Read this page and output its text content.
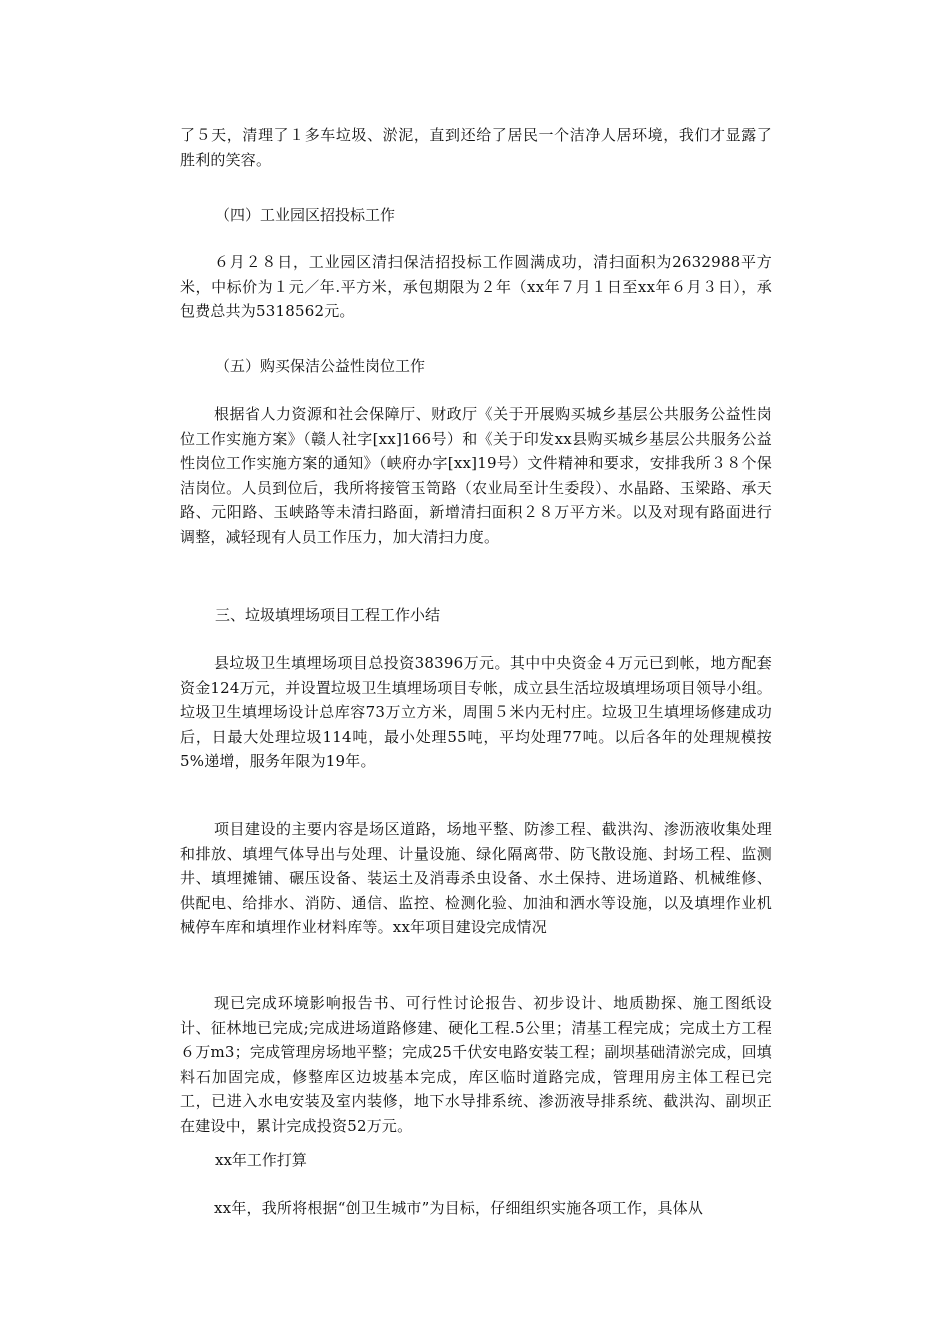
了５天，清理了１多车垃圾、淤泥，直到还给了居民一个洁净人居环境，我们才显露了胜利的笑容。

（四）工业园区招投标工作

６月２８日，工业园区清扫保洁招投标工作圆满成功，清扫面积为2632988平方米，中标价为１元／年.平方米，承包期限为２年（xx年７月１日至xx年６月３日），承包费总共为5318562元。

（五）购买保洁公益性岗位工作

根据省人力资源和社会保障厅、财政厅《关于开展购买城乡基层公共服务公益性岗位工作实施方案》（赣人社字[xx]166号）和《关于印发xx县购买城乡基层公共服务公益性岗位工作实施方案的通知》（峡府办字[xx]19号）文件精神和要求，安排我所３８个保洁岗位。人员到位后，我所将接管玉笥路（农业局至计生委段）、水晶路、玉梁路、承天路、元阳路、玉峡路等未清扫路面，新增清扫面积２８万平方米。以及对现有路面进行调整，减轻现有人员工作压力，加大清扫力度。

三、垃圾填埋场项目工程工作小结

县垃圾卫生填埋场项目总投资38396万元。其中中央资金４万元已到帐，地方配套资金124万元，并设置垃圾卫生填埋场项目专帐，成立县生活垃圾填埋场项目领导小组。垃圾卫生填埋场设计总库容73万立方米，周围５米内无村庄。垃圾卫生填埋场修建成功后，日最大处理垃圾114吨，最小处理55吨，平均处理77吨。以后各年的处理规模按5%递增，服务年限为19年。

项目建设的主要内容是场区道路，场地平整、防渗工程、截洪沟、渗沥液收集处理和排放、填埋气体导出与处理、计量设施、绿化隔离带、防飞散设施、封场工程、监测井、填埋摊铺、碾压设备、装运土及消毒杀虫设备、水土保持、进场道路、机械维修、供配电、给排水、消防、通信、监控、检测化验、加油和洒水等设施，以及填埋作业机械停车库和填埋作业材料库等。xx年项目建设完成情况

现已完成环境影响报告书、可行性讨论报告、初步设计、地质勘探、施工图纸设计、征林地已完成;完成进场道路修建、硬化工程.5公里；清基工程完成；完成土方工程６万m3；完成管理房场地平整；完成25千伏安电路安装工程；副坝基础清淤完成，回填料石加固完成，修整库区边坡基本完成，库区临时道路完成，管理用房主体工程已完工，已进入水电安装及室内装修，地下水导排系统、渗沥液导排系统、截洪沟、副坝正在建设中，累计完成投资52万元。

xx年工作打算

xx年，我所将根据“创卫生城市”为目标，仔细组织实施各项工作，具体从
